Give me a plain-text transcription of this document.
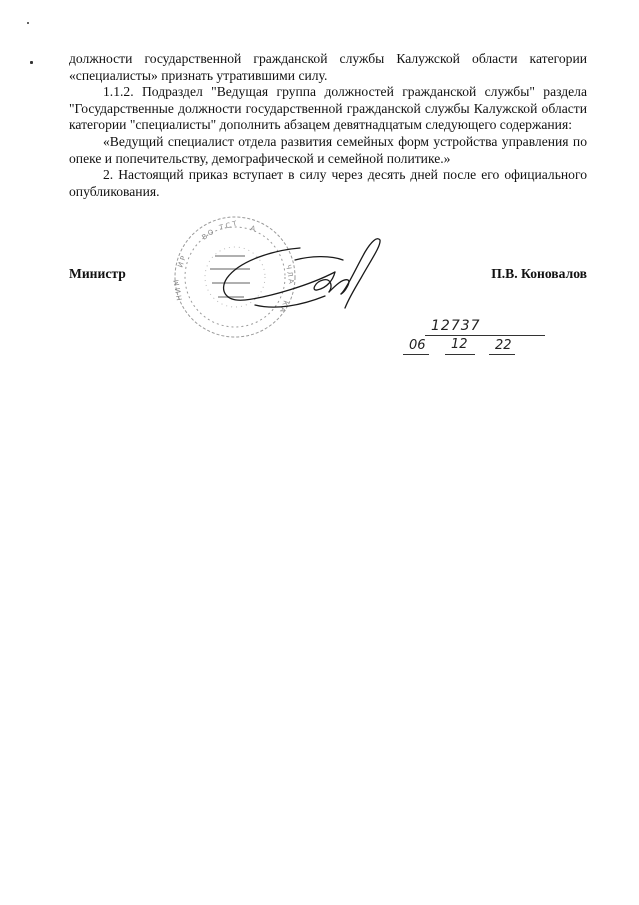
должности государственной гражданской службы Калужской области категории «специалисты» признать утратившими силу.

1.1.2. Подраздел "Ведущая группа должностей гражданской службы" раздела "Государственные должности государственной гражданской службы Калужской области категории "специалисты" дополнить абзацем девятнадцатым следующего содержания:

«Ведущий специалист отдела развития семейных форм устройства управления по опеке и попечительству, демографической и семейной политике.»

2. Настоящий приказ вступает в силу через десять дней после его официального опубликования.

В О
Т С Т А
И Р
Н И М
Ч Л А
К А
Министр	П.В. Коновалов
12737
06 12 22
